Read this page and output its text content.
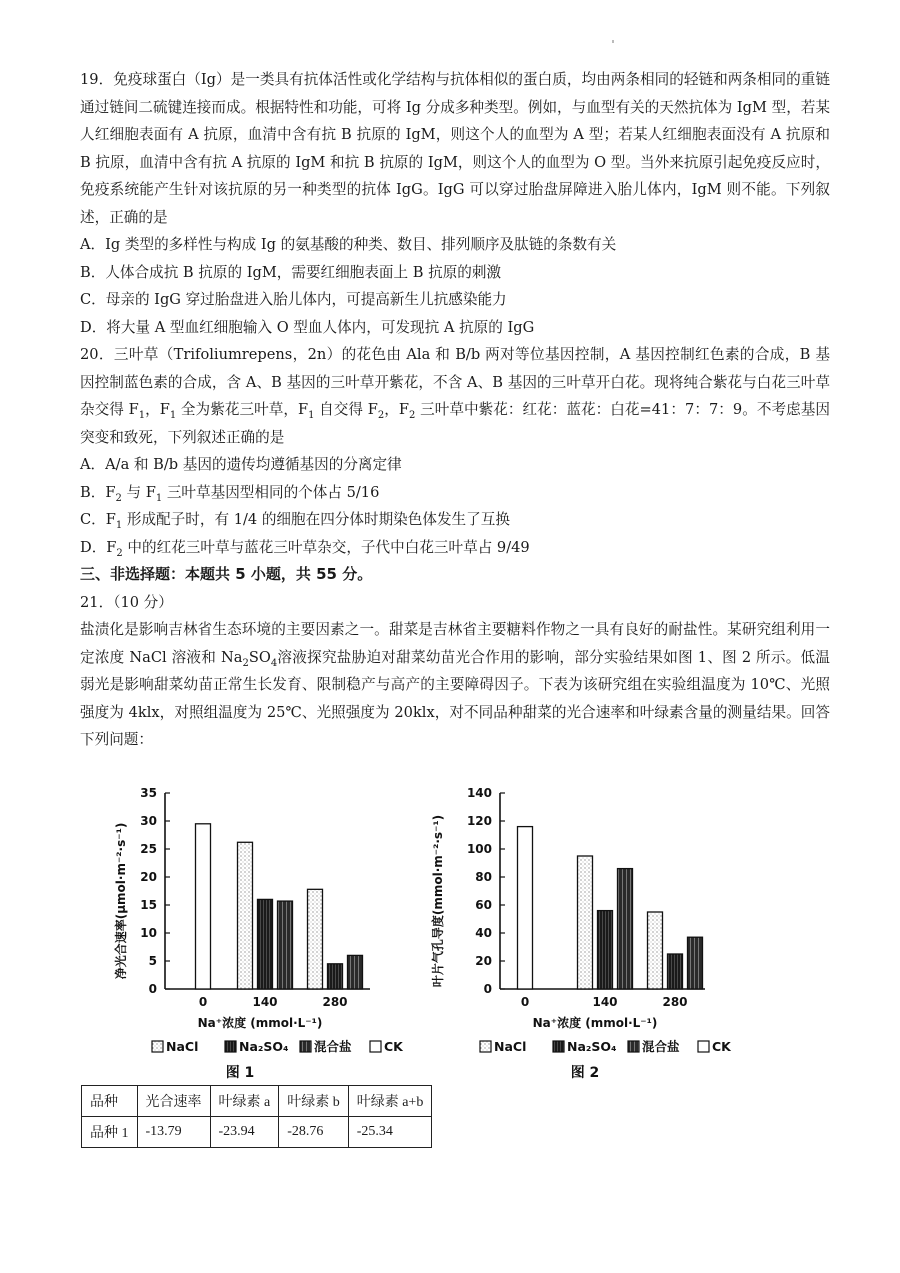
19．免疫球蛋白（Ig）是一类具有抗体活性或化学结构与抗体相似的蛋白质，均由两条相同的轻链和两条相同的重链通过链间二硫键连接而成。根据特性和功能，可将 Ig 分成多种类型。例如，与血型有关的天然抗体为 IgM 型，若某人红细胞表面有 A 抗原，血清中含有抗 B 抗原的 IgM，则这个人的血型为 A 型；若某人红细胞表面没有 A 抗原和 B 抗原，血清中含有抗 A 抗原的 IgM 和抗 B 抗原的 IgM，则这个人的血型为 O 型。当外来抗原引起免疫反应时，免疫系统能产生针对该抗原的另一种类型的抗体 IgG。IgG 可以穿过胎盘屏障进入胎儿体内，IgM 则不能。下列叙述，正确的是

A．Ig 类型的多样性与构成 Ig 的氨基酸的种类、数目、排列顺序及肽链的条数有关

B．人体合成抗 B 抗原的 IgM，需要红细胞表面上 B 抗原的刺激

C．母亲的 IgG 穿过胎盘进入胎儿体内，可提高新生儿抗感染能力

D．将大量 A 型血红细胞输入 O 型血人体内，可发现抗 A 抗原的 IgG

20．三叶草（Trifoliumrepens，2n）的花色由 Ala 和 B/b 两对等位基因控制，A 基因控制红色素的合成，B 基因控制蓝色素的合成，含 A、B 基因的三叶草开紫花，不含 A、B 基因的三叶草开白花。现将纯合紫花与白花三叶草杂交得 $F_1$，$F_1$ 全为紫花三叶草，$F_1$ 自交得 $F_2$，$F_2$ 三叶草中紫花：红花：蓝花：白花=41：7：7：9。不考虑基因突变和致死，下列叙述正确的是

A．A/a 和 B/b 基因的遗传均遵循基因的分离定律

B．$F_2$ 与 $F_1$ 三叶草基因型相同的个体占 5/16

C．$F_1$ 形成配子时，有 1/4 的细胞在四分体时期染色体发生了互换

D．$F_2$ 中的红花三叶草与蓝花三叶草杂交，子代中白花三叶草占 9/49

三、非选择题：本题共 5 小题，共 55 分。

21．（10 分）

盐渍化是影响吉林省生态环境的主要因素之一。甜菜是吉林省主要糖料作物之一具有良好的耐盐性。某研究组利用一定浓度 NaCl 溶液和 $Na_2SO_4$溶液探究盐胁迫对甜菜幼苗光合作用的影响，部分实验结果如图 1、图 2 所示。低温弱光是影响甜菜幼苗正常生长发育、限制稳产与高产的主要障碍因子。下表为该研究组在实验组温度为 10℃、光照强度为 4klx，对照组温度为 25℃、光照强度为 20klx，对不同品种甜菜的光合速率和叶绿素含量的测量结果。回答下列问题：

0
5
10
15
20
25
30
35
0	140	280
净光合速率(μmol·m⁻²·s⁻¹)
Na⁺浓度 (mmol·L⁻¹)
NaCl	Na₂SO₄ 混合盐	CK
图 1
0
20
40
60
80
100
120
140
0	140	280
叶片气孔导度(mmol·m⁻²·s⁻¹)
Na⁺浓度 (mmol·L⁻¹)
NaCl	Na₂SO₄ 混合盐	CK
图 2
品种	光合速率	叶绿素 a	叶绿素 b	叶绿素 a+b
品种 1	-13.79	-23.94	-28.76	-25.34
